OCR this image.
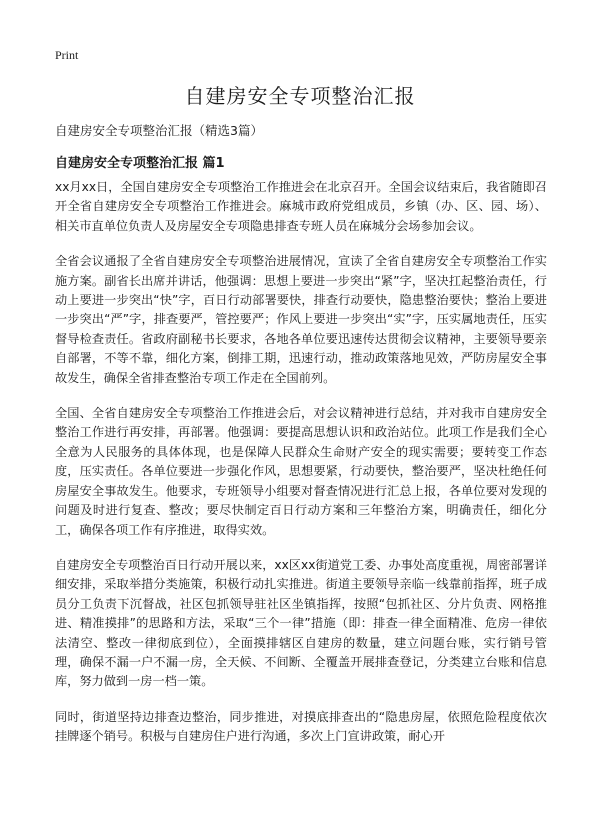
Print
自建房安全专项整治汇报

自建房安全专项整治汇报（精选3篇）

自建房安全专项整治汇报 篇1

xx月xx日，全国自建房安全专项整治工作推进会在北京召开。全国会议结束后，我省随即召开全省自建房安全专项整治工作推进会。麻城市政府党组成员，乡镇（办、区、园、场）、相关市直单位负责人及房屋安全专项隐患排查专班人员在麻城分会场参加会议。

全省会议通报了全省自建房安全专项整治进展情况，宣读了全省自建房安全专项整治工作实施方案。副省长出席并讲话，他强调：思想上要进一步突出“紧”字，坚决扛起整治责任，行动上要进一步突出“快”字，百日行动部署要快，排查行动要快，隐患整治要快；整治上要进一步突出“严”字，排查要严，管控要严；作风上要进一步突出“实”字，压实属地责任，压实督导检查责任。省政府副秘书长要求，各地各单位要迅速传达贯彻会议精神，主要领导要亲自部署，不等不靠，细化方案，倒排工期，迅速行动，推动政策落地见效，严防房屋安全事故发生，确保全省排查整治专项工作走在全国前列。

全国、全省自建房安全专项整治工作推进会后，对会议精神进行总结，并对我市自建房安全整治工作进行再安排，再部署。他强调：要提高思想认识和政治站位。此项工作是我们全心全意为人民服务的具体体现，也是保障人民群众生命财产安全的现实需要；要转变工作态度，压实责任。各单位要进一步强化作风，思想要紧，行动要快，整治要严，坚决杜绝任何房屋安全事故发生。他要求，专班领导小组要对督查情况进行汇总上报，各单位要对发现的问题及时进行复查、整改；要尽快制定百日行动方案和三年整治方案，明确责任，细化分工，确保各项工作有序推进，取得实效。

自建房安全专项整治百日行动开展以来，xx区xx街道党工委、办事处高度重视，周密部署详细安排，采取举措分类施策，积极行动扎实推进。街道主要领导亲临一线靠前指挥，班子成员分工负责下沉督战，社区包抓领导驻社区坐镇指挥，按照“包抓社区、分片负责、网格推进、精准摸排”的思路和方法，采取“三个一律”措施（即：排查一律全面精准、危房一律依法清空、整改一律彻底到位），全面摸排辖区自建房的数量，建立问题台账，实行销号管理，确保不漏一户不漏一房，全天候、不间断、全覆盖开展排查登记，分类建立台账和信息库，努力做到一房一档一策。

同时，街道坚持边排查边整治，同步推进，对摸底排查出的“隐患房屋，依照危险程度依次挂牌逐个销号。积极与自建房住户进行沟通，多次上门宣讲政策，耐心开
